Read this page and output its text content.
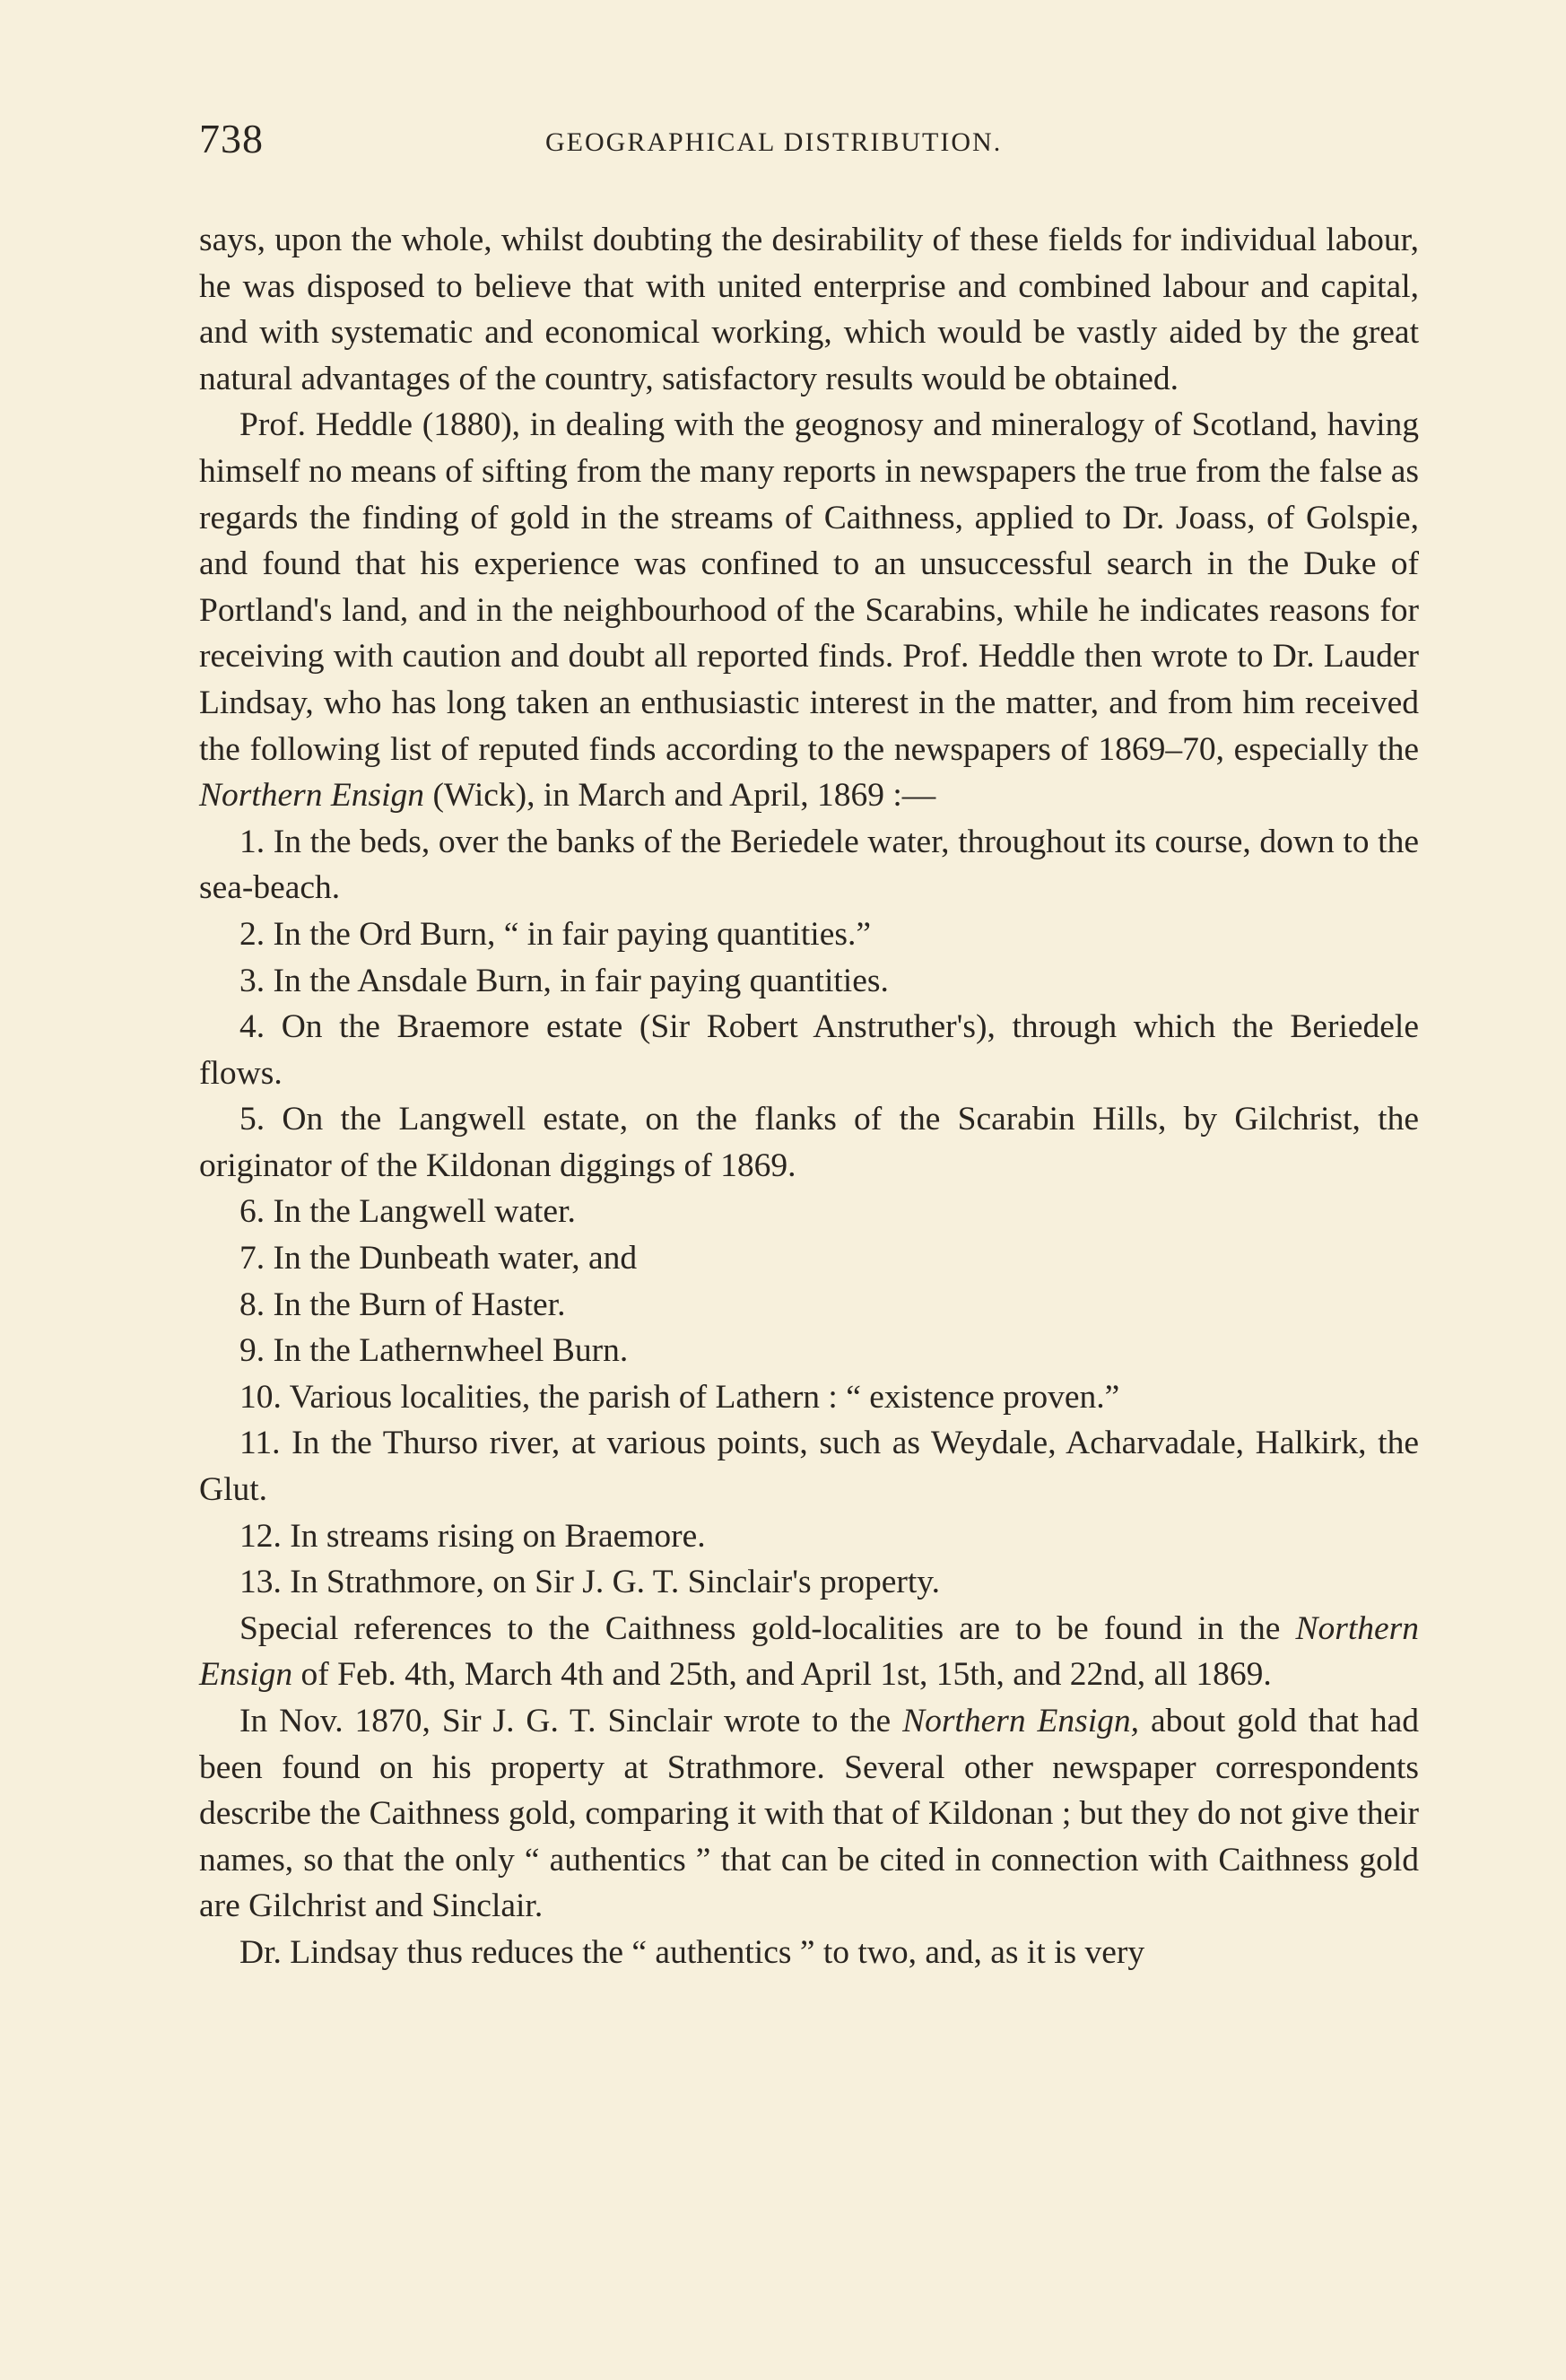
738	GEOGRAPHICAL DISTRIBUTION.

says, upon the whole, whilst doubting the desirability of these fields for individual labour, he was disposed to believe that with united enterprise and combined labour and capital, and with systematic and economical working, which would be vastly aided by the great natural advantages of the country, satisfactory results would be obtained.

Prof. Heddle (1880), in dealing with the geognosy and mineralogy of Scotland, having himself no means of sifting from the many reports in newspapers the true from the false as regards the finding of gold in the streams of Caithness, applied to Dr. Joass, of Golspie, and found that his experience was confined to an unsuccessful search in the Duke of Portland's land, and in the neighbourhood of the Scarabins, while he indicates reasons for receiving with caution and doubt all reported finds. Prof. Heddle then wrote to Dr. Lauder Lindsay, who has long taken an enthusiastic interest in the matter, and from him received the following list of reputed finds according to the newspapers of 1869–70, especially the Northern Ensign (Wick), in March and April, 1869 :—

1. In the beds, over the banks of the Beriedele water, throughout its course, down to the sea-beach.

2. In the Ord Burn, “ in fair paying quantities.”

3. In the Ansdale Burn, in fair paying quantities.

4. On the Braemore estate (Sir Robert Anstruther's), through which the Beriedele flows.

5. On the Langwell estate, on the flanks of the Scarabin Hills, by Gilchrist, the originator of the Kildonan diggings of 1869.

6. In the Langwell water.

7. In the Dunbeath water, and

8. In the Burn of Haster.

9. In the Lathernwheel Burn.

10. Various localities, the parish of Lathern : “ existence proven.”

11. In the Thurso river, at various points, such as Weydale, Acharvadale, Halkirk, the Glut.

12. In streams rising on Braemore.

13. In Strathmore, on Sir J. G. T. Sinclair's property.

Special references to the Caithness gold-localities are to be found in the Northern Ensign of Feb. 4th, March 4th and 25th, and April 1st, 15th, and 22nd, all 1869.

In Nov. 1870, Sir J. G. T. Sinclair wrote to the Northern Ensign, about gold that had been found on his property at Strathmore. Several other newspaper correspondents describe the Caithness gold, comparing it with that of Kildonan ; but they do not give their names, so that the only “ authentics ” that can be cited in connection with Caithness gold are Gilchrist and Sinclair.

Dr. Lindsay thus reduces the “ authentics ” to two, and, as it is very
